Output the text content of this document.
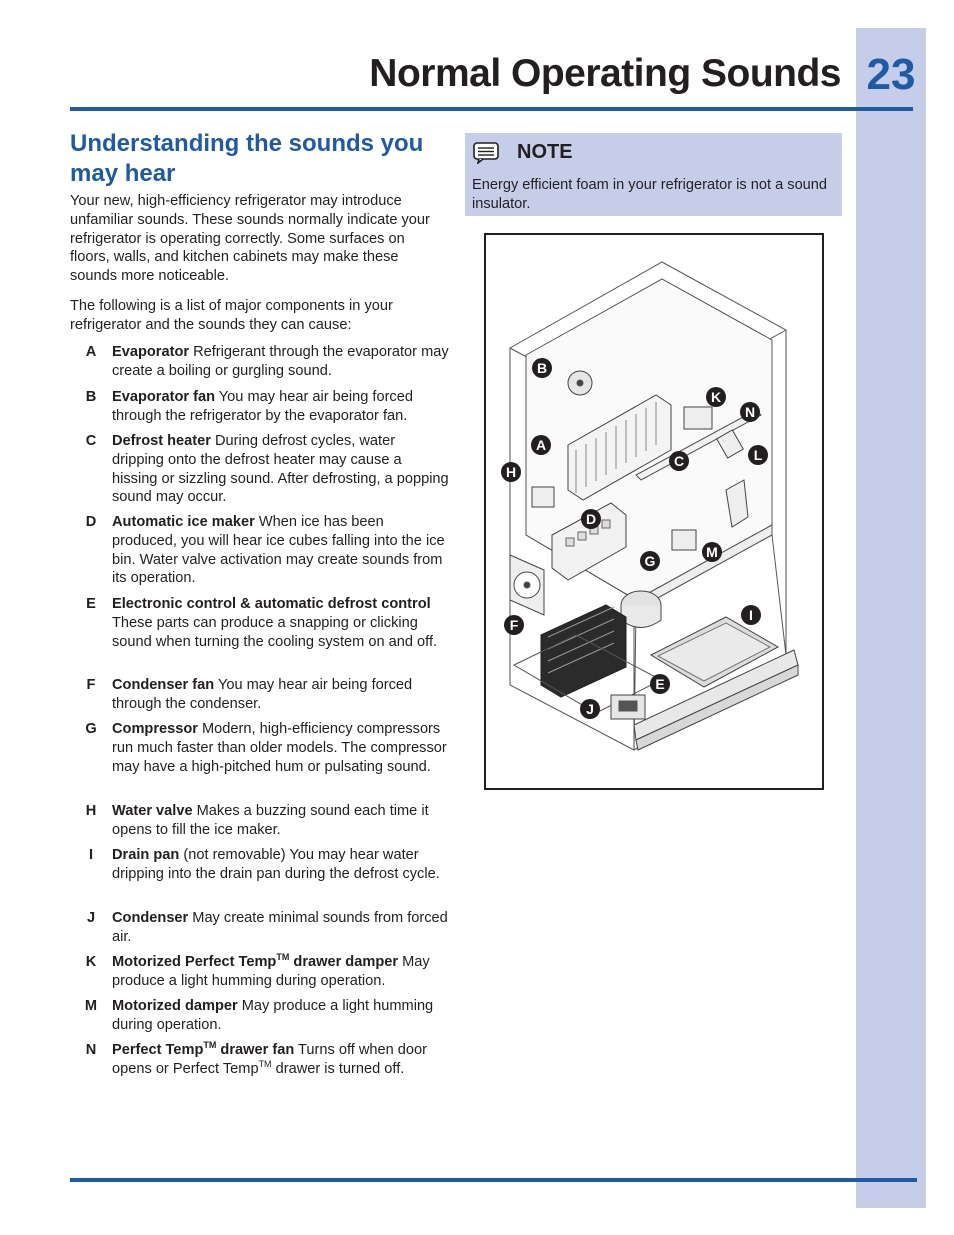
23
Normal Operating Sounds
Understanding the sounds you may hear

Your new, high-efficiency refrigerator may introduce unfamiliar sounds. These sounds normally indicate your refrigerator is operating correctly. Some surfaces on floors, walls, and kitchen cabinets may make these sounds more noticeable.

The following is a list of major components in your refrigerator and the sounds they can cause:

A	Evaporator Refrigerant through the evaporator may create a boiling or gurgling sound.
B	Evaporator fan You may hear air being forced through the refrigerator by the evaporator fan.
C	Defrost heater During defrost cycles, water dripping onto the defrost heater may cause a hissing or sizzling sound. After defrosting, a popping sound may occur.
D	Automatic ice maker When ice has been produced, you will hear ice cubes falling into the ice bin. Water valve activation may create sounds from its operation.
E	Electronic control & automatic defrost control These parts can produce a snapping or clicking sound when turning the cooling system on and off.
F	Condenser fan You may hear air being forced through the condenser.
G	Compressor Modern, high-efficiency compressors run much faster than older models. The compressor may have a high-pitched hum or pulsating sound.
H	Water valve Makes a buzzing sound each time it opens to fill the ice maker.
I	Drain pan (not removable) You may hear water dripping into the drain pan during the defrost cycle.
J	Condenser May create minimal sounds from forced air.
K	Motorized Perfect Temp™ drawer damper May produce a light humming during operation.
M	Motorized damper May produce a light humming during operation.
N	Perfect Temp™ drawer fan Turns off when door opens or Perfect Temp™ drawer is turned off.
NOTE
Energy efficient foam in your refrigerator is not a sound insulator.
B
K
N
A
C	L
H
D
G
M
F
I
E
J
